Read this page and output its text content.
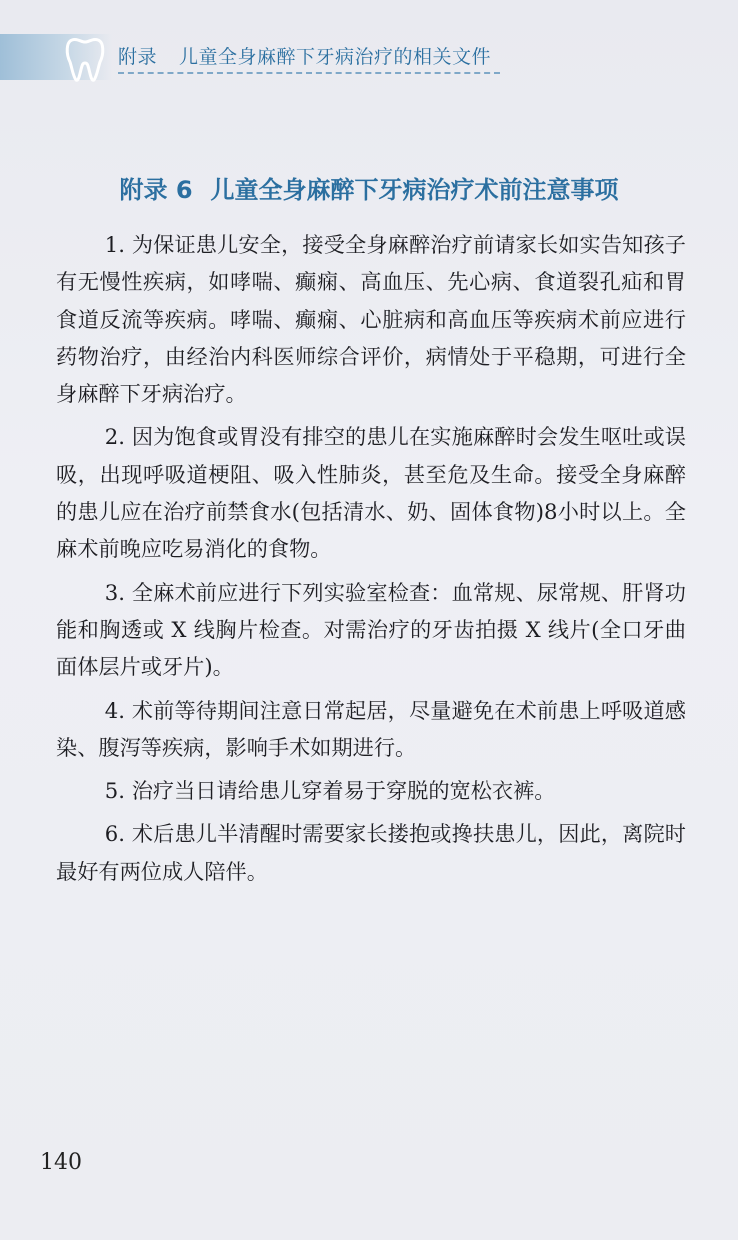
附录 儿童全身麻醉下牙病治疗的相关文件
附录 6 儿童全身麻醉下牙病治疗术前注意事项

1. 为保证患儿安全，接受全身麻醉治疗前请家长如实告知孩子有无慢性疾病，如哮喘、癫痫、高血压、先心病、食道裂孔疝和胃食道反流等疾病。哮喘、癫痫、心脏病和高血压等疾病术前应进行药物治疗，由经治内科医师综合评价，病情处于平稳期，可进行全身麻醉下牙病治疗。

2. 因为饱食或胃没有排空的患儿在实施麻醉时会发生呕吐或误吸，出现呼吸道梗阻、吸入性肺炎，甚至危及生命。接受全身麻醉的患儿应在治疗前禁食水(包括清水、奶、固体食物)8小时以上。全麻术前晚应吃易消化的食物。

3. 全麻术前应进行下列实验室检查：血常规、尿常规、肝肾功能和胸透或 X 线胸片检查。对需治疗的牙齿拍摄 X 线片(全口牙曲面体层片或牙片)。

4. 术前等待期间注意日常起居，尽量避免在术前患上呼吸道感染、腹泻等疾病，影响手术如期进行。

5. 治疗当日请给患儿穿着易于穿脱的宽松衣裤。

6. 术后患儿半清醒时需要家长搂抱或搀扶患儿，因此，离院时最好有两位成人陪伴。

140
